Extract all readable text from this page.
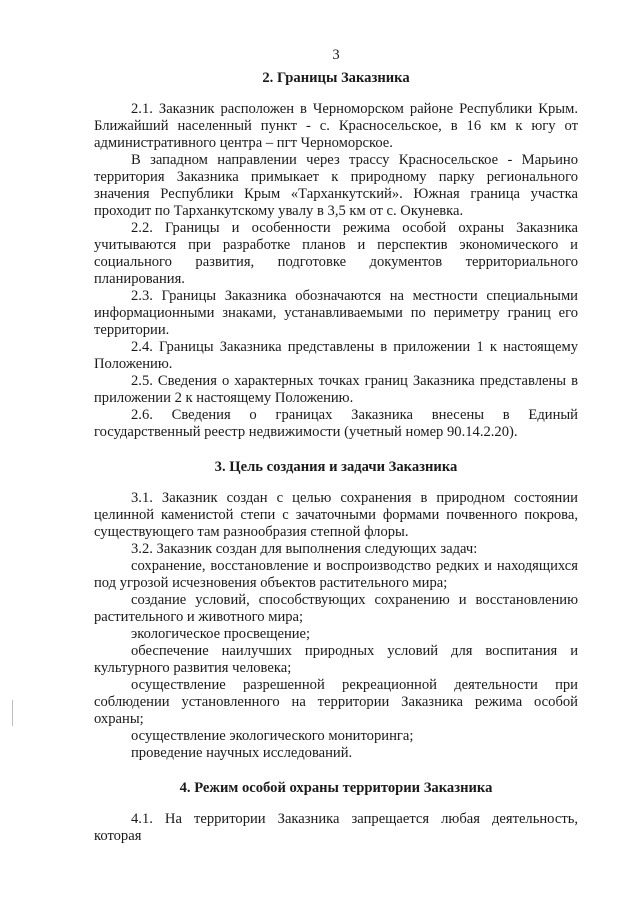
3
2. Границы Заказника

2.1. Заказник расположен в Черноморском районе Республики Крым. Ближайший населенный пункт - с. Красносельское, в 16 км к югу от административного центра – пгт Черноморское.

В западном направлении через трассу Красносельское - Марьино территория Заказника примыкает к природному парку регионального значения Республики Крым «Тарханкутский». Южная граница участка проходит по Тарханкутскому увалу в 3,5 км от с. Окуневка.

2.2. Границы и особенности режима особой охраны Заказника учитываются при разработке планов и перспектив экономического и социального развития, подготовке документов территориального планирования.

2.3. Границы Заказника обозначаются на местности специальными информационными знаками, устанавливаемыми по периметру границ его территории.

2.4. Границы Заказника представлены в приложении 1 к настоящему Положению.

2.5. Сведения о характерных точках границ Заказника представлены в приложении 2 к настоящему Положению.

2.6. Сведения о границах Заказника внесены в Единый государственный реестр недвижимости (учетный номер 90.14.2.20).

3. Цель создания и задачи Заказника

3.1. Заказник создан с целью сохранения в природном состоянии целинной каменистой степи с зачаточными формами почвенного покрова, существующего там разнообразия степной флоры.

3.2. Заказник создан для выполнения следующих задач:

сохранение, восстановление и воспроизводство редких и находящихся под угрозой исчезновения объектов растительного мира;

создание условий, способствующих сохранению и восстановлению растительного и животного мира;

экологическое просвещение;

обеспечение наилучших природных условий для воспитания и культурного развития человека;

осуществление разрешенной рекреационной деятельности при соблюдении установленного на территории Заказника режима особой охраны;

осуществление экологического мониторинга;

проведение научных исследований.

4. Режим особой охраны территории Заказника

4.1. На территории Заказника запрещается любая деятельность, которая
